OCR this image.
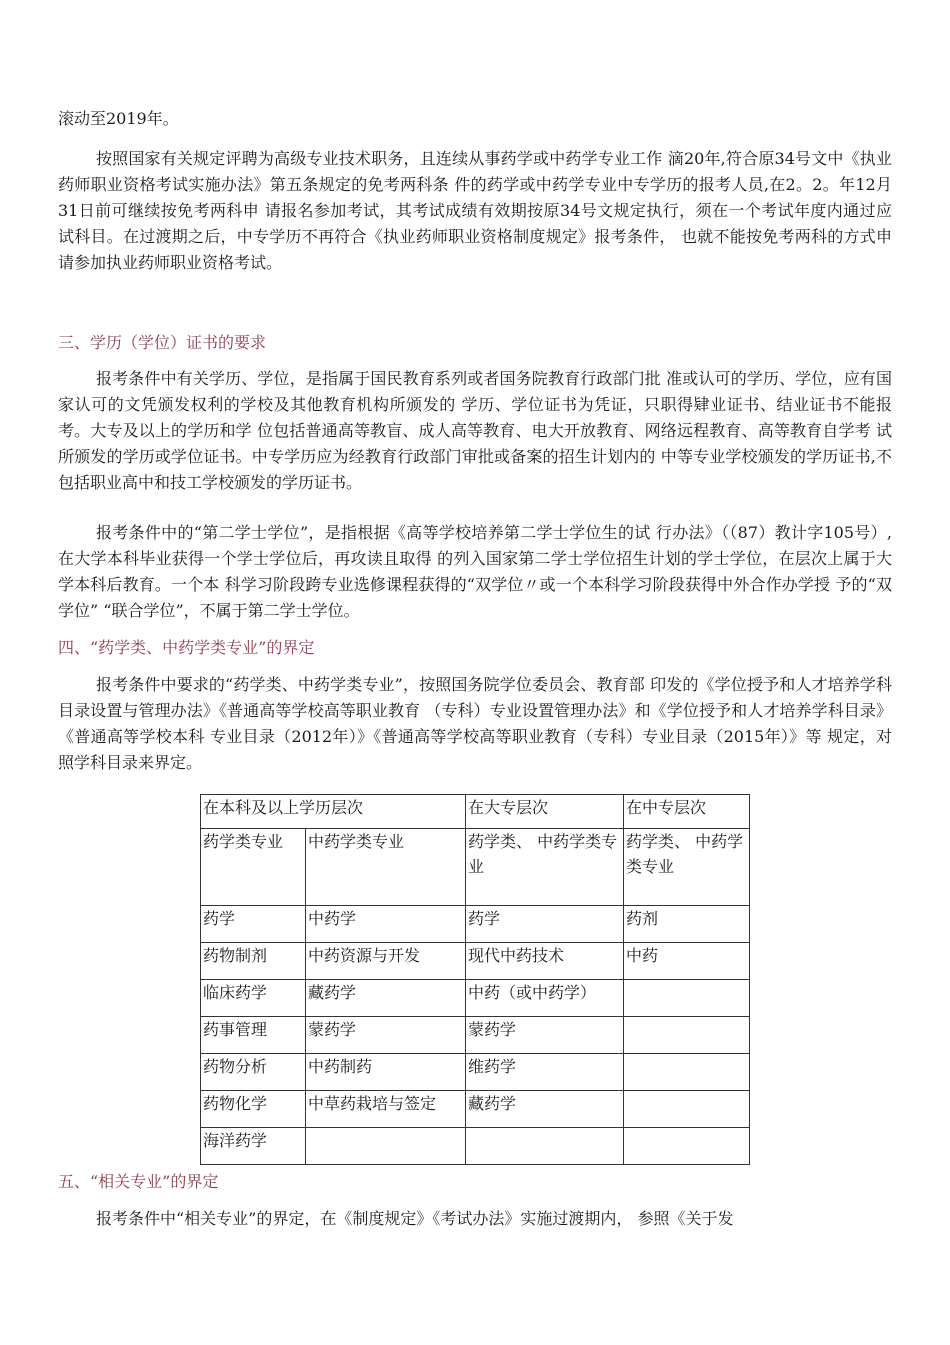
滚动至2019年。

按照国家有关规定评聘为高级专业技术职务，且连续从事药学或中药学专业工作 滴20年,符合原34号文中《执业药师职业资格考试实施办法》第五条规定的免考两科条 件的药学或中药学专业中专学历的报考人员,在2。2。年12月31日前可继续按免考两科申 请报名参加考试，其考试成绩有效期按原34号文规定执行，须在一个考试年度内通过应 试科目。在过渡期之后，中专学历不再符合《执业药师职业资格制度规定》报考条件， 也就不能按免考两科的方式申请参加执业药师职业资格考试。

三、学历（学位）证书的要求

报考条件中有关学历、学位，是指属于国民教育系列或者国务院教育行政部门批 准或认可的学历、学位，应有国家认可的文凭颁发权利的学校及其他教育机构所颁发的 学历、学位证书为凭证，只职得肄业证书、结业证书不能报考。大专及以上的学历和学 位包括普通高等教盲、成人高等教育、电大开放教育、网络远程教育、高等教育自学考 试所颁发的学历或学位证书。中专学历应为经教育行政部门审批或备案的招生计划内的 中等专业学校颁发的学历证书,不包括职业高中和技工学校颁发的学历证书。

报考条件中的“第二学士学位”，是指根据《高等学校培养第二学士学位生的试 行办法》（（87）教计字105号）,在大学本科毕业获得一个学士学位后，再攻读且取得 的列入国家第二学士学位招生计划的学士学位，在层次上属于大学本科后教育。一个本 科学习阶段跨专业选修课程获得的“双学位〃或一个本科学习阶段获得中外合作办学授 予的“双学位” “联合学位”，不属于第二学士学位。

四、“药学类、中药学类专业”的界定

报考条件中要求的“药学类、中药学类专业”，按照国务院学位委员会、教育部 印发的《学位授予和人才培养学科目录设置与管理办法》《普通高等学校高等职业教育 （专科）专业设置管理办法》和《学位授予和人才培养学科目录》《普通高等学校本科 专业目录（2012年）》《普通高等学校高等职业教育（专科）专业目录（2015年）》等 规定，对照学科目录来界定。

在本科及以上学历层次		在大专层次	在中专层次
药学类专业	中药学类专业	药学类、 中药学类专业	药学类、 中药学类专业
药学	中药学	药学	药剂
药物制剂	中药资源与开发	现代中药技术	中药
临床药学	藏药学	中药（或中药学）	
药事管理	蒙药学	蒙药学	
药物分析	中药制药	维药学	
药物化学	中草药栽培与签定	藏药学	
海洋药学			

五、“相关专业”的界定

报考条件中“相关专业”的界定，在《制度规定》《考试办法》实施过渡期内， 参照《关于发
